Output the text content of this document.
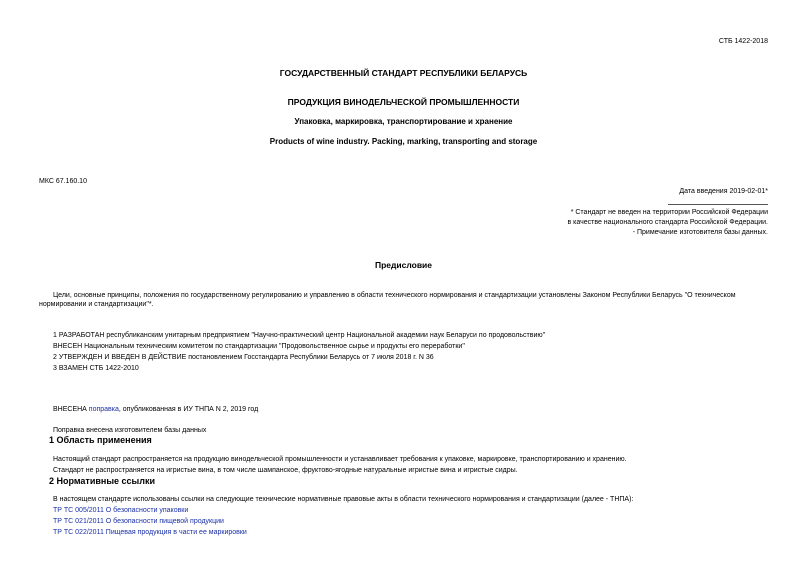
СТБ 1422-2018
ГОСУДАРСТВЕННЫЙ СТАНДАРТ РЕСПУБЛИКИ БЕЛАРУСЬ
ПРОДУКЦИЯ ВИНОДЕЛЬЧЕСКОЙ ПРОМЫШЛЕННОСТИ
Упаковка, маркировка, транспортирование и хранение
Products of wine industry. Packing, marking, transporting and storage
МКС 67.160.10
Дата введения 2019-02-01*
* Стандарт не введен на территории Российской Федерации
в качестве национального стандарта Российской Федерации.
- Примечание изготовителя базы данных.
Предисловие
Цели, основные принципы, положения по государственному регулированию и управлению в области технического нормирования и стандартизации установлены Законом Республики Беларусь "О техническом нормировании и стандартизации"*.
1 РАЗРАБОТАН республиканским унитарным предприятием "Научно-практический центр Национальной академии наук Беларуси по продовольствию"
ВНЕСЕН Национальным техническим комитетом по стандартизации "Продовольственное сырье и продукты его переработки"
2 УТВЕРЖДЕН И ВВЕДЕН В ДЕЙСТВИЕ постановлением Госстандарта Республики Беларусь от 7 июля 2018 г. N 36
3 ВЗАМЕН СТБ 1422-2010
ВНЕСЕНА поправка, опубликованная в ИУ ТНПА N 2, 2019 год
Поправка внесена изготовителем базы данных
1 Область применения
Настоящий стандарт распространяется на продукцию винодельческой промышленности и устанавливает требования к упаковке, маркировке, транспортированию и хранению.
Стандарт не распространяется на игристые вина, в том числе шампанское, фруктово-ягодные натуральные игристые вина и игристые сидры.
2 Нормативные ссылки
В настоящем стандарте использованы ссылки на следующие технические нормативные правовые акты в области технического нормирования и стандартизации (далее - ТНПА):
ТР ТС 005/2011 О безопасности упаковки
ТР ТС 021/2011 О безопасности пищевой продукции
ТР ТС 022/2011 Пищевая продукция в части ее маркировки
